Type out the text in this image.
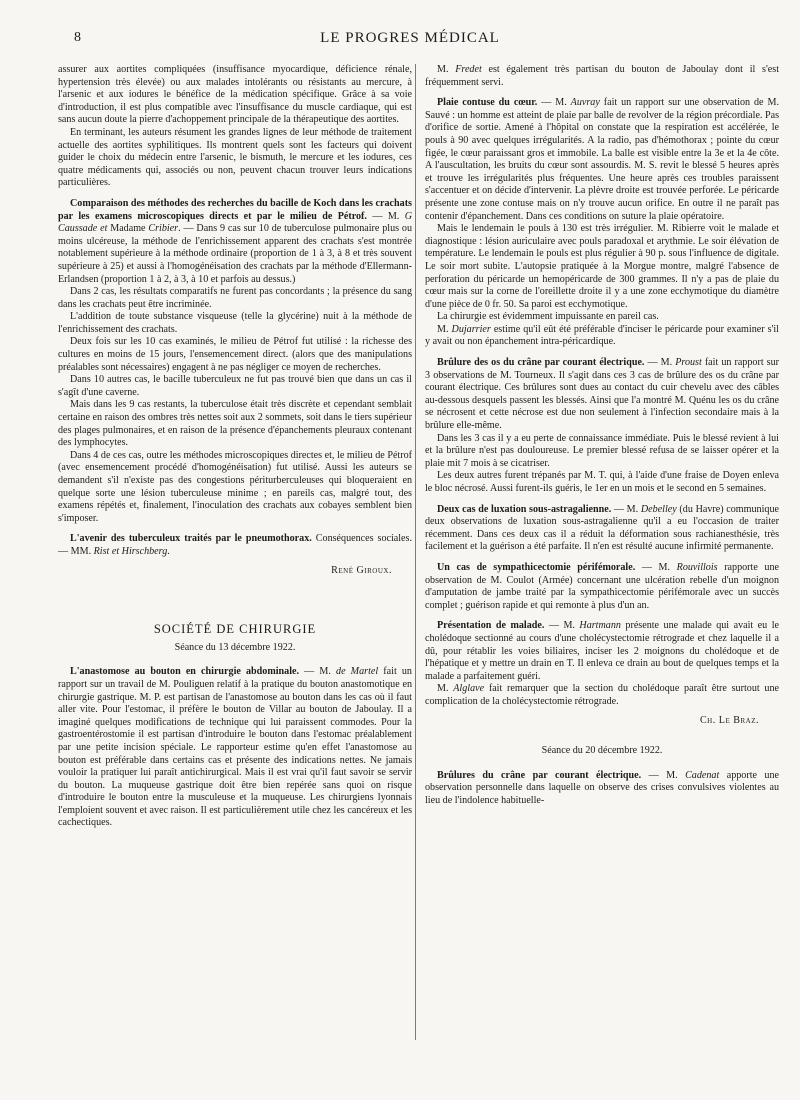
8	LE PROGRES MÉDICAL

assurer aux aortites compliquées (insuffisance myocardique, déficience rénale, hypertension très élevée) ou aux malades intolérants ou résistants au mercure, à l'arsenic et aux iodures le bénéfice de la médication spécifique. Grâce à sa voie d'introduction, il est plus compatible avec l'insuffisance du muscle cardiaque, qui est sans aucun doute la pierre d'achoppement principale de la thérapeutique des aortites.

En terminant, les auteurs résument les grandes lignes de leur méthode de traitement actuelle des aortites syphilitiques. Ils montrent quels sont les facteurs qui doivent guider le choix du médecin entre l'arsenic, le bismuth, le mercure et les iodures, ces quatre médicaments qui, associés ou non, peuvent chacun trouver leurs indications particulières.

Comparaison des méthodes des recherches du bacille de Koch dans les crachats par les examens microscopiques directs et par le milieu de Pétrof. — M. G Caussade et Madame Cribier. — Dans 9 cas sur 10 de tuberculose pulmonaire plus ou moins ulcéreuse, la méthode de l'enrichissement apparent des crachats s'est montrée notablement supérieure à la méthode ordinaire (proportion de 1 à 3, à 8 et très souvent supérieure à 25) et aussi à l'homogénéisation des crachats par la méthode d'Ellermann-Erlandsen (proportion 1 à 2, à 3, à 10 et parfois au dessus.)

Dans 2 cas, les résultats comparatifs ne furent pas concordants ; la présence du sang dans les crachats peut être incriminée.

L'addition de toute substance visqueuse (telle la glycérine) nuit à la méthode de l'enrichissement des crachats.

Deux fois sur les 10 cas examinés, le milieu de Pétrof fut utilisé : la richesse des cultures en moins de 15 jours, l'ensemencement direct. (alors que des manipulations préalables sont nécessaires) engagent à ne pas négliger ce moyen de recherches.

Dans 10 autres cas, le bacille tuberculeux ne fut pas trouvé bien que dans un cas il s'agît d'une caverne.

Mais dans les 9 cas restants, la tuberculose était très discrète et cependant semblait certaine en raison des ombres très nettes soit aux 2 sommets, soit dans le tiers supérieur des plages pulmonaires, et en raison de la présence d'épanchements pleuraux contenant des lymphocytes.

Dans 4 de ces cas, outre les méthodes microscopiques directes et, le milieu de Pétrof (avec ensemencement procédé d'homogénéisation) fut utilisé. Aussi les auteurs se demandent s'il n'existe pas des congestions périturberculeuses qui bloqueraient en quelque sorte une lésion tuberculeuse minime ; en pareils cas, malgré tout, des examens répétés et, finalement, l'inoculation des crachats aux cobayes semblent bien s'imposer.

L'avenir des tuberculeux traités par le pneumothorax. Conséquences sociales. — MM. Rist et Hirschberg.

René Giroux.

SOCIÉTÉ DE CHIRURGIE

Séance du 13 décembre 1922.

L'anastomose au bouton en chirurgie abdominale. — M. de Martel fait un rapport sur un travail de M. Pouliguen relatif à la pratique du bouton anastomotique en chirurgie gastrique. M. P. est partisan de l'anastomose au bouton dans les cas où il faut aller vite. Pour l'estomac, il préfère le bouton de Villar au bouton de Jaboulay. Il a imaginé quelques modifications de technique qui lui paraissent commodes. Pour la gastroentérostomie il est partisan d'introduire le bouton dans l'estomac préalablement par une petite incision spéciale. Le rapporteur estime qu'en effet l'anastomose au bouton est préférable dans certains cas et présente des indications nettes. Ne jamais vouloir la pratiquer lui paraît antichirurgical. Mais il est vrai qu'il faut savoir se servir du bouton. La muqueuse gastrique doit être bien repérée sans quoi on risque d'introduire le bouton entre la musculeuse et la muqueuse. Les chirurgiens lyonnais l'emploient souvent et avec raison. Il est particulièrement utile chez les cancéreux et les cachectiques.

M. Fredet est également très partisan du bouton de Jaboulay dont il s'est fréquemment servi.

Plaie contuse du cœur. — M. Auvray fait un rapport sur une observation de M. Sauvé : un homme est atteint de plaie par balle de revolver de la région précordiale. Pas d'orifice de sortie. Amené à l'hôpital on constate que la respiration est accélérée, le pouls à 90 avec quelques irrégularités. A la radio, pas d'hémothorax ; pointe du cœur figée, le cœur paraissant gros et immobile. La balle est visible entre la 3e et la 4e côte. A l'auscultation, les bruits du cœur sont assourdis. M. S. revit le blessé 5 heures après et trouve les irrégularités plus fréquentes. Une heure après ces troubles paraissent s'accentuer et on décide d'intervenir. La plèvre droite est trouvée perforée. Le péricarde présente une zone contuse mais on n'y trouve aucun orifice. En outre il ne paraît pas contenir d'épanchement. Dans ces conditions on suture la plaie opératoire.

Mais le lendemain le pouls à 130 est très irrégulier. M. Ribierre voit le malade et diagnostique : lésion auriculaire avec pouls paradoxal et arythmie. Le soir élévation de température. Le lendemain le pouls est plus régulier à 90 p. sous l'influence de digitale. Le soir mort subite. L'autopsie pratiquée à la Morgue montre, malgré l'absence de perforation du péricarde un hemopéricarde de 300 grammes. Il n'y a pas de plaie du cœur mais sur la corne de l'oreillette droite il y a une zone ecchymotique du diamètre d'une pièce de 0 fr. 50. Sa paroi est ecchymotique.

La chirurgie est évidemment impuissante en pareil cas.

M. Dujarrier estime qu'il eût été préférable d'inciser le péricarde pour examiner s'il y avait ou non épanchement intra-péricardique.

Brûlure des os du crâne par courant électrique. — M. Proust fait un rapport sur 3 observations de M. Tourneux. Il s'agit dans ces 3 cas de brûlure des os du crâne par courant électrique. Ces brûlures sont dues au contact du cuir chevelu avec des câbles au-dessous desquels passent les blessés. Ainsi que l'a montré M. Quénu les os du crâne se nécrosent et cette nécrose est due non seulement à l'infection secondaire mais à la brûlure elle-même.

Dans les 3 cas il y a eu perte de connaissance immédiate. Puis le blessé revient à lui et la brûlure n'est pas douloureuse. Le premier blessé refusa de se laisser opérer et la plaie mit 7 mois à se cicatriser.

Les deux autres furent trépanés par M. T. qui, à l'aide d'une fraise de Doyen enleva le bloc nécrosé. Aussi furent-ils guéris, le 1er en un mois et le second en 5 semaines.

Deux cas de luxation sous-astragalienne. — M. Debelley (du Havre) communique deux observations de luxation sous-astragalienne qu'il a eu l'occasion de traiter récemment. Dans ces deux cas il a réduit la déformation sous rachianesthésie, très facilement et la guérison a été parfaite. Il n'en est résulté aucune infirmité permanente.

Un cas de sympathicectomie périfémorale. — M. Rouvillois rapporte une observation de M. Coulot (Armée) concernant une ulcération rebelle d'un moignon d'amputation de jambe traité par la sympathicectomie périfémorale avec un succès complet ; guérison rapide et qui remonte à plus d'un an.

Présentation de malade. — M. Hartmann présente une malade qui avait eu le cholédoque sectionné au cours d'une cholécystectomie rétrograde et chez laquelle il a dû, pour rétablir les voies biliaires, inciser les 2 moignons du cholédoque et de l'hépatique et y mettre un drain en T. Il enleva ce drain au bout de quelques temps et la malade a parfaitement guéri.

M. Alglave fait remarquer que la section du cholédoque paraît être surtout une complication de la cholécystectomie rétrograde.

Ch. Le Braz.

Séance du 20 décembre 1922.

Brûlures du crâne par courant électrique. — M. Cadenat apporte une observation personnelle dans laquelle on observe des crises convulsives violentes au lieu de l'indolence habituelle-
